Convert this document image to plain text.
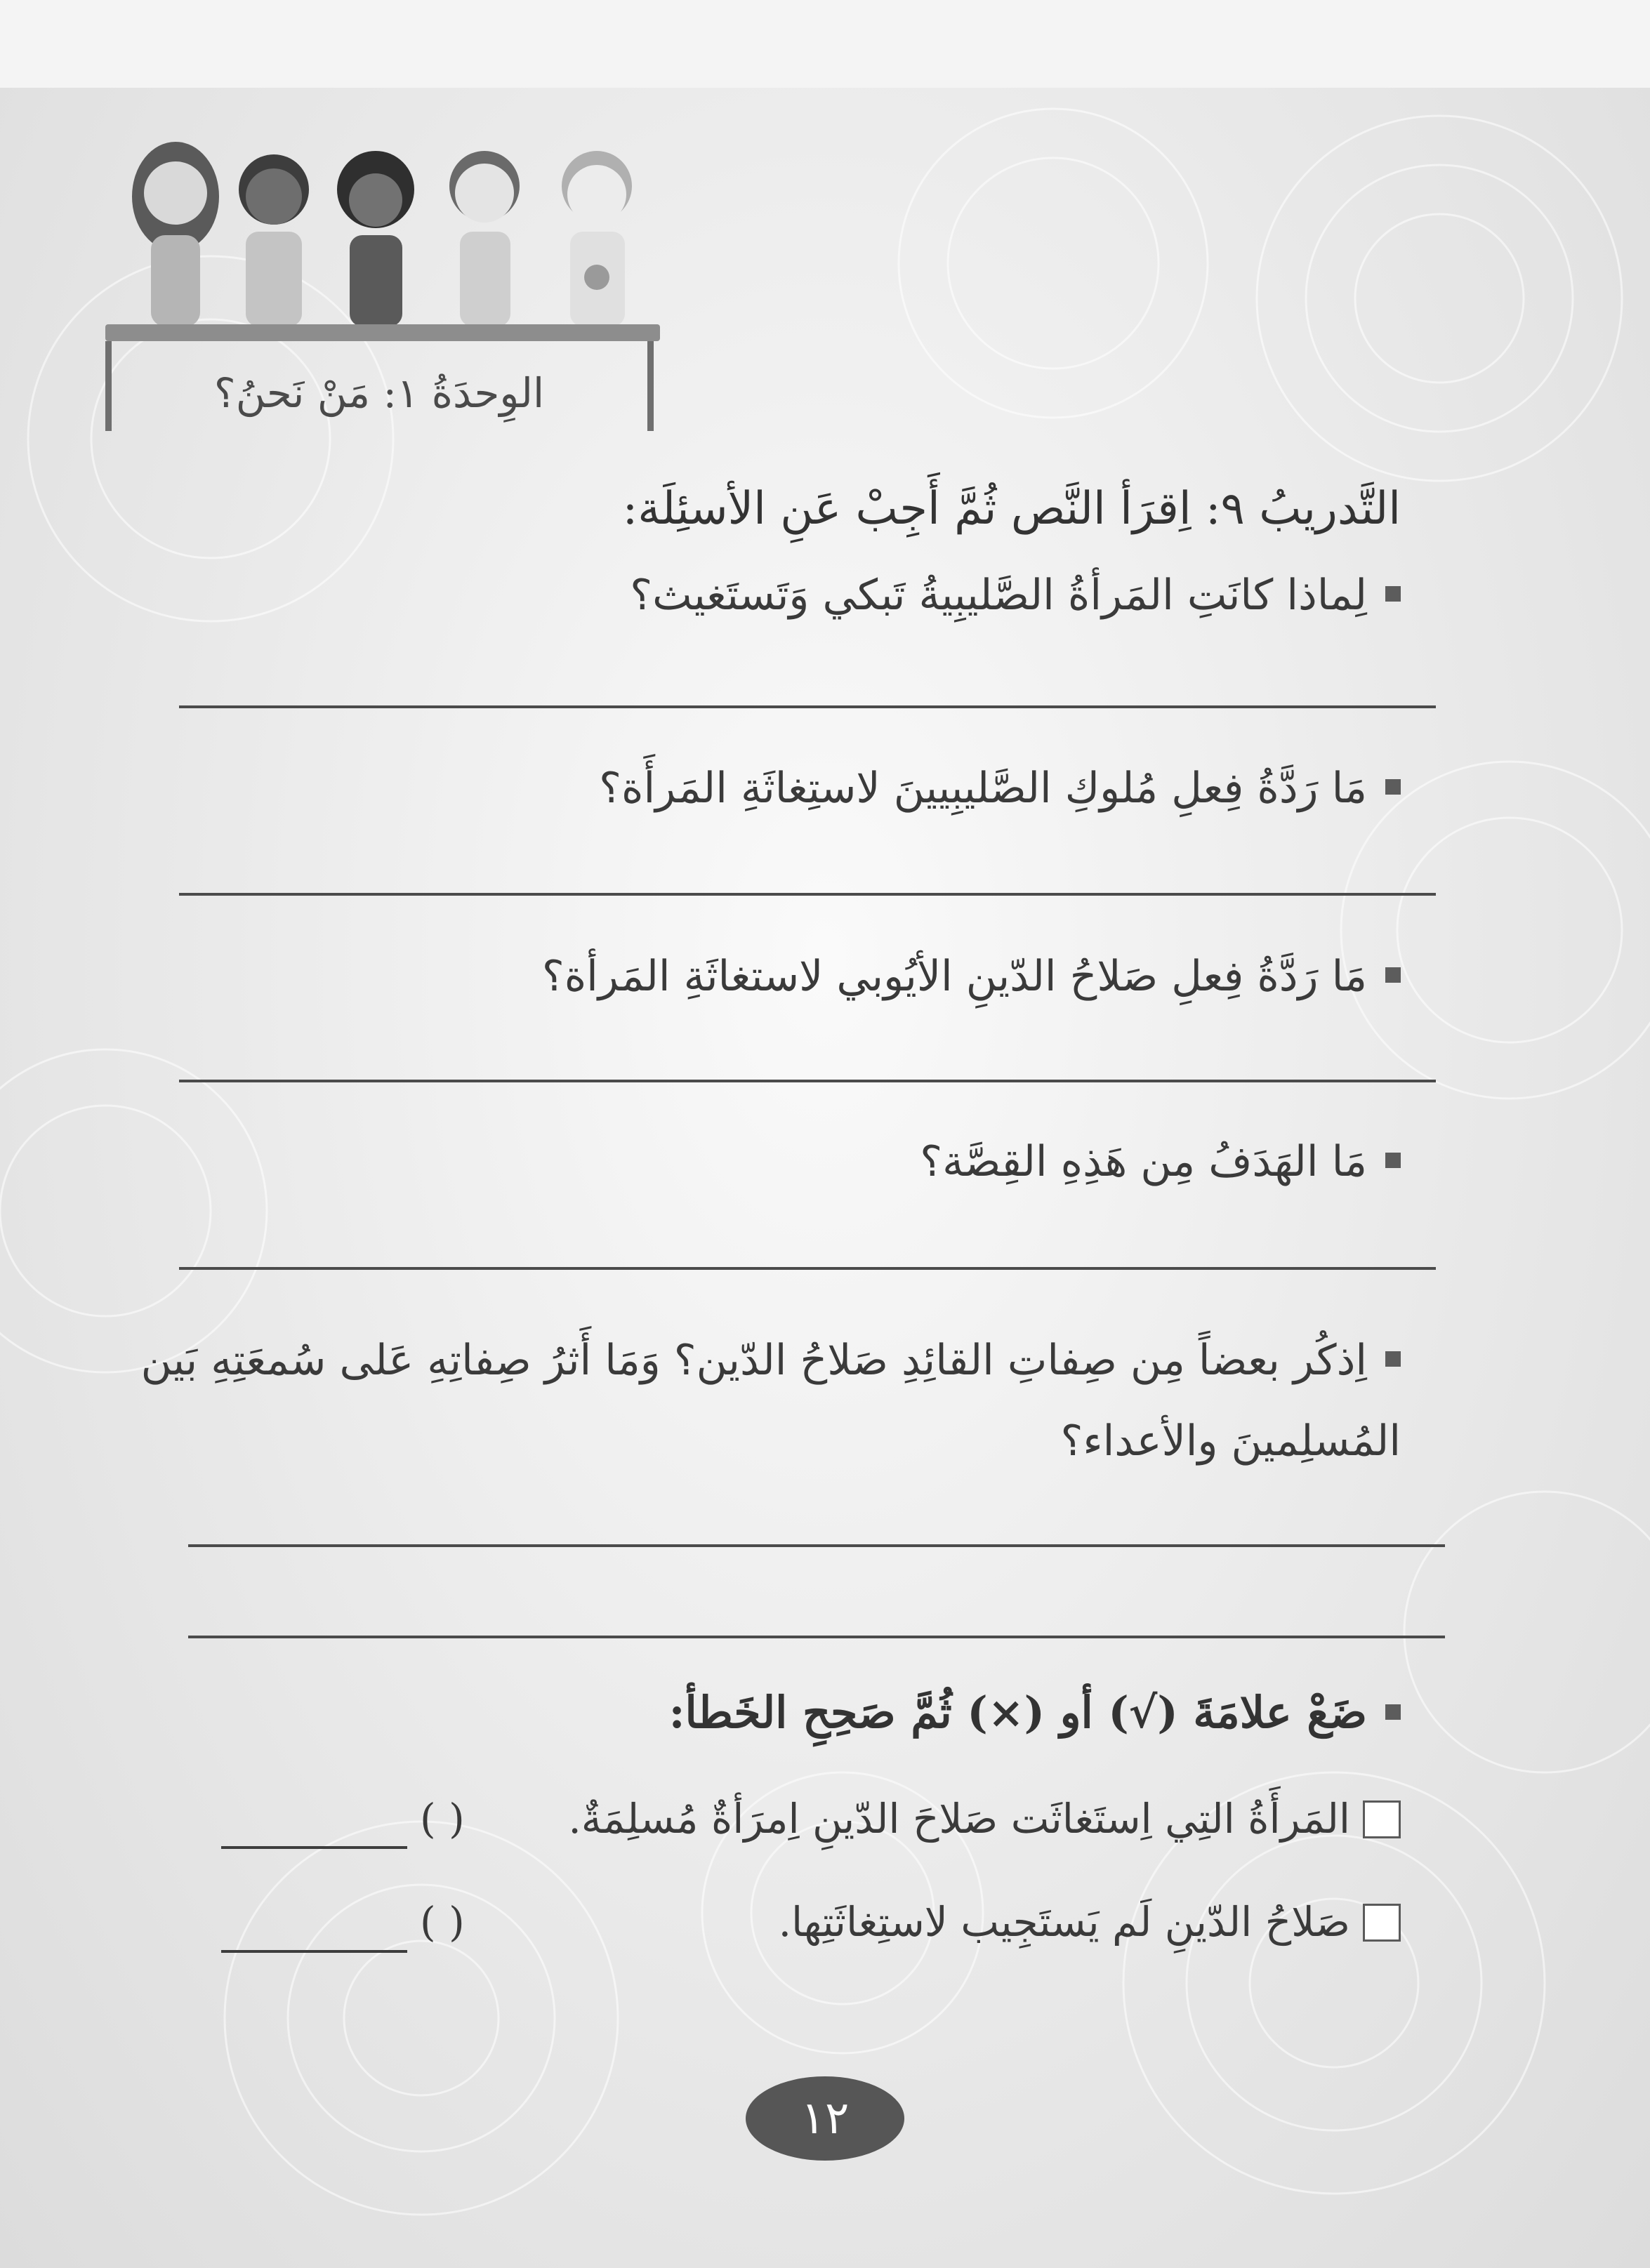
الوِحدَةُ ١: مَنْ نَحنُ؟
التَّدريبُ ٩: اِقرَأ النَّص ثُمَّ أَجِبْ عَنِ الأسئِلَة:
لِماذا كانَتِ المَرأةُ الصَّليبِيةُ تَبكي وَتَستَغيث؟
مَا رَدَّةُ فِعلِ مُلوكِ الصَّليبِيينَ لاستِغاثَةِ المَرأَة؟
مَا رَدَّةُ فِعلِ صَلاحُ الدّينِ الأيُوبي لاستغاثَةِ المَرأة؟
مَا الهَدَفُ مِن هَذِهِ القِصَّة؟
اِذكُر بعضاً مِن صِفاتِ القائِدِ صَلاحُ الدّين؟ وَمَا أَثرُ صِفاتِهِ عَلى سُمعَتِهِ بَين
المُسلِمينَ والأعداء؟
ضَعْ علامَةَ (√) أو (×) ثُمَّ صَحِحِ الخَطأ:
المَرأَةُ التِي اِستَغاثَت صَلاحَ الدّينِ اِمرَأةٌ مُسلِمَةٌ.
( )
صَلاحُ الدّينِ لَم يَستَجِيب لاستِغاثَتِها.
( )
١٢
